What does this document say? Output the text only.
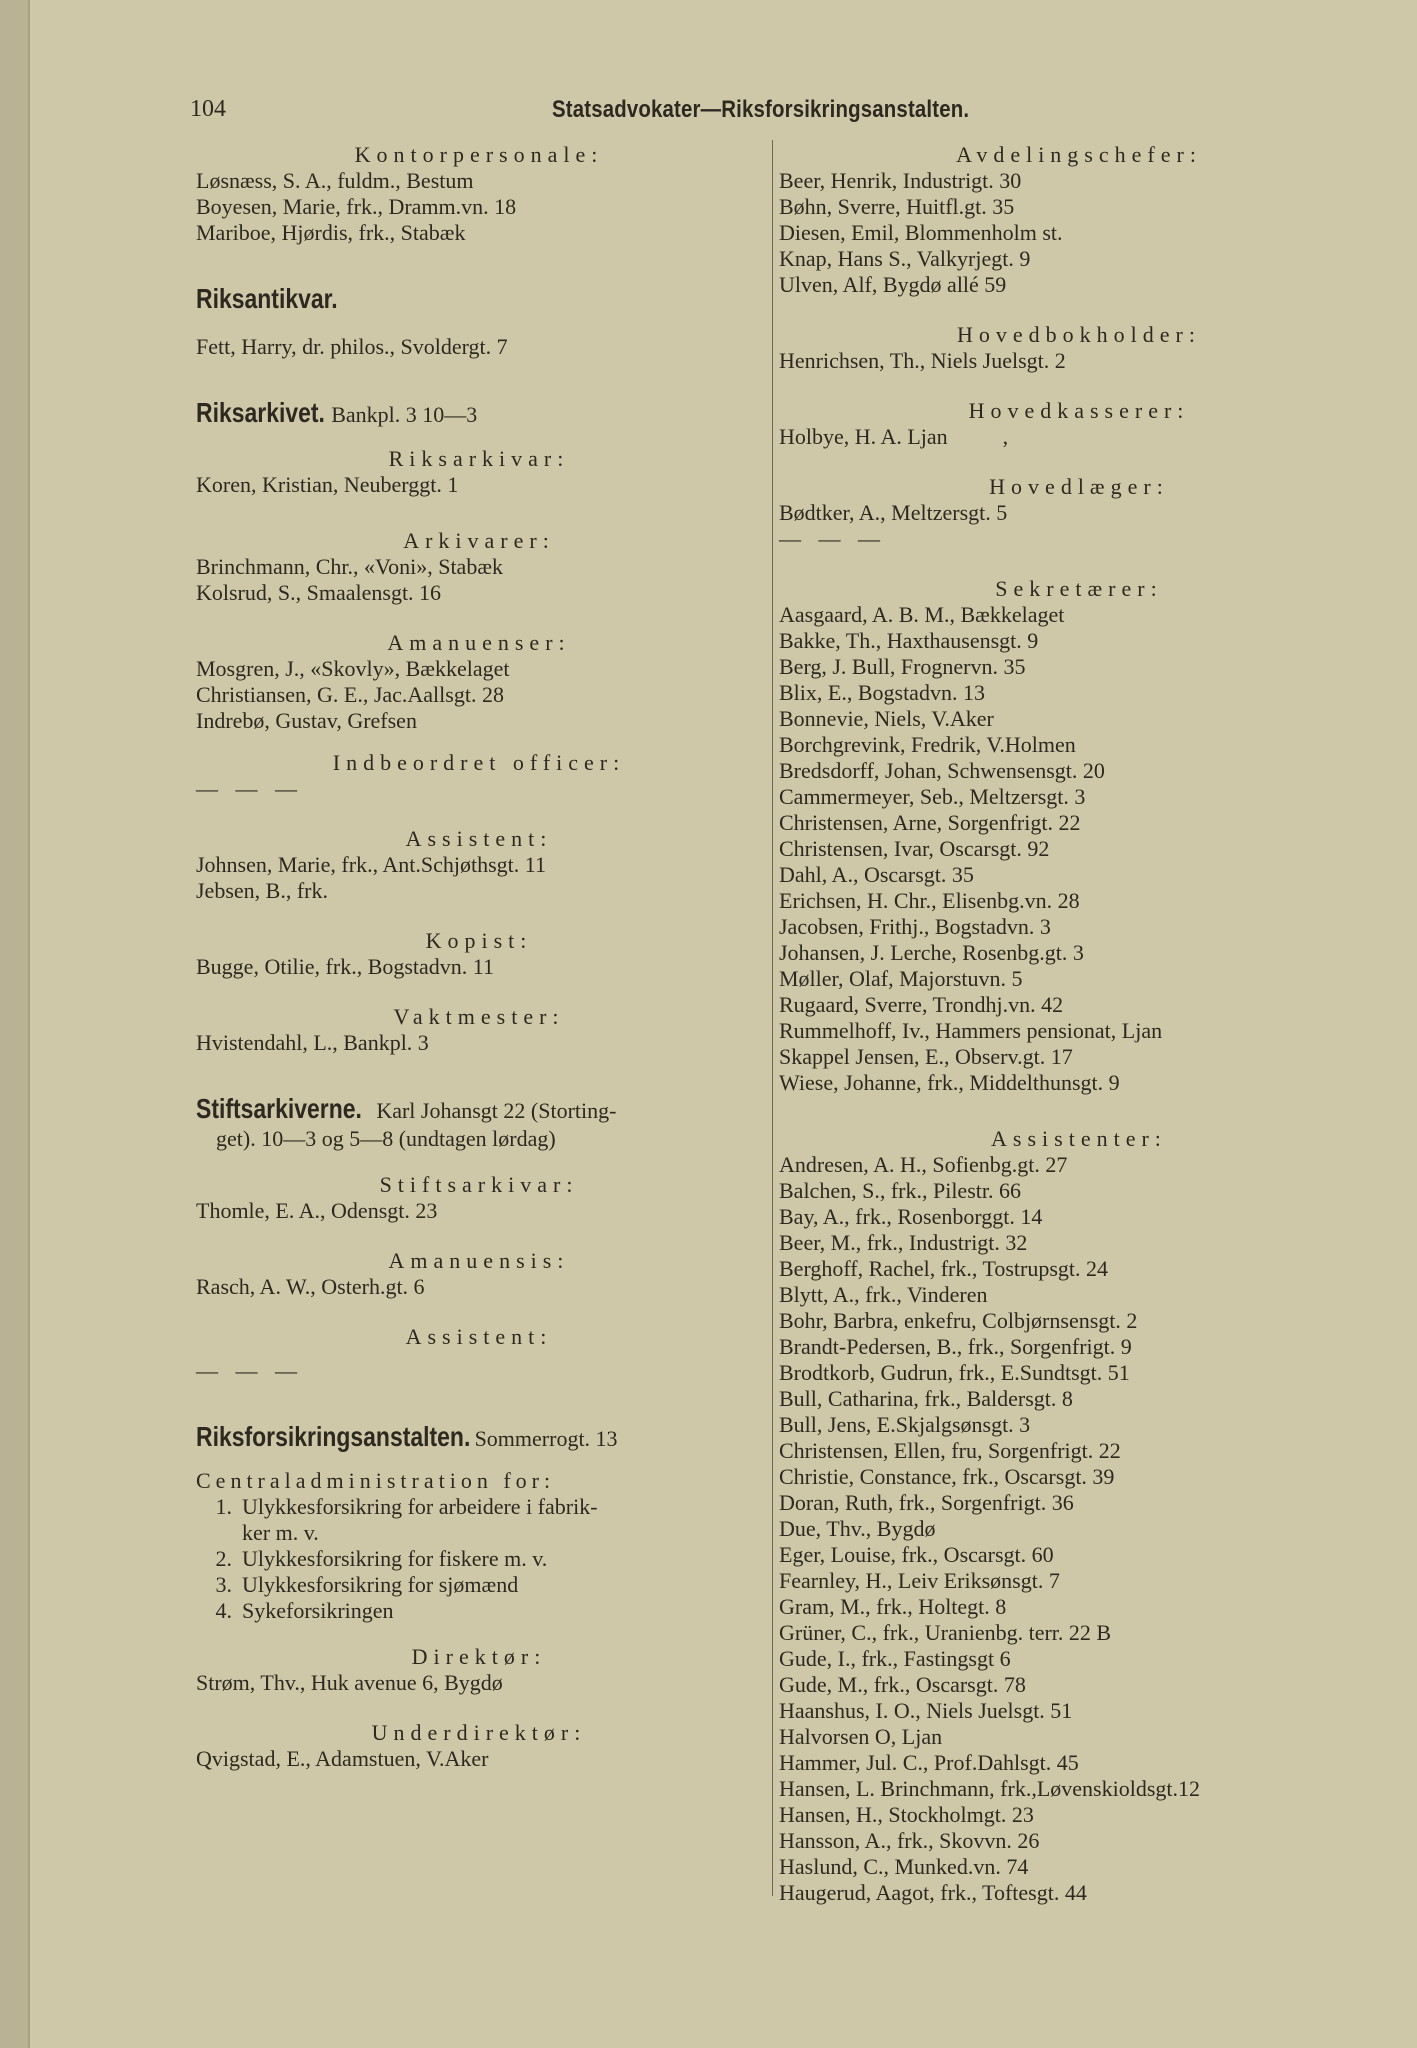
104	Statsadvokater—Riksforsikringsanstalten.
Kontorpersonale:
Løsnæss, S. A., fuldm., Bestum
Boyesen, Marie, frk., Dramm.vn. 18
Mariboe, Hjørdis, frk., Stabæk
Riksantikvar.
Fett, Harry, dr. philos., Svoldergt. 7
Riksarkivet. Bankpl. 3 10—3
Riksarkivar:
Koren, Kristian, Neuberggt. 1
Arkivarer:
Brinchmann, Chr., «Voni», Stabæk
Kolsrud, S., Smaalensgt. 16
Amanuenser:
Mosgren, J., «Skovly», Bækkelaget
Christiansen, G. E., Jac.Aallsgt. 28
Indrebø, Gustav, Grefsen
Indbeordret officer:
— — —
Assistent:
Johnsen, Marie, frk., Ant.Schjøthsgt. 11
Jebsen, B., frk.
Kopist:
Bugge, Otilie, frk., Bogstadvn. 11
Vaktmester:
Hvistendahl, L., Bankpl. 3
Stiftsarkiverne. Karl Johansgt 22 (Storting-
get). 10—3 og 5—8 (undtagen lørdag)
Stiftsarkivar:
Thomle, E. A., Odensgt. 23
Amanuensis:
Rasch, A. W., Osterh.gt. 6
Assistent:
— — —
Riksforsikringsanstalten. Sommerrogt. 13
Centraladministration for:
1. Ulykkesforsikring for arbeidere i fabrik-
ker m. v.
2. Ulykkesforsikring for fiskere m. v.
3. Ulykkesforsikring for sjømænd
4. Sykeforsikringen
Direktør:
Strøm, Thv., Huk avenue 6, Bygdø
Underdirektør:
Qvigstad, E., Adamstuen, V.Aker
Avdelingschefer:
Beer, Henrik, Industrigt. 30
Bøhn, Sverre, Huitfl.gt. 35
Diesen, Emil, Blommenholm st.
Knap, Hans S., Valkyrjegt. 9
Ulven, Alf, Bygdø allé 59
Hovedbokholder:
Henrichsen, Th., Niels Juelsgt. 2
Hovedkasserer:
Holbye, H. A. Ljan          ,
Hovedlæger:
Bødtker, A., Meltzersgt. 5
— — —
Sekretærer:
Aasgaard, A. B. M., Bækkelaget
Bakke, Th., Haxthausensgt. 9
Berg, J. Bull, Frognervn. 35
Blix, E., Bogstadvn. 13
Bonnevie, Niels, V.Aker
Borchgrevink, Fredrik, V.Holmen
Bredsdorff, Johan, Schwensensgt. 20
Cammermeyer, Seb., Meltzersgt. 3
Christensen, Arne, Sorgenfrigt. 22
Christensen, Ivar, Oscarsgt. 92
Dahl, A., Oscarsgt. 35
Erichsen, H. Chr., Elisenbg.vn. 28
Jacobsen, Frithj., Bogstadvn. 3
Johansen, J. Lerche, Rosenbg.gt. 3
Møller, Olaf, Majorstuvn. 5
Rugaard, Sverre, Trondhj.vn. 42
Rummelhoff, Iv., Hammers pensionat, Ljan
Skappel Jensen, E., Observ.gt. 17
Wiese, Johanne, frk., Middelthunsgt. 9
Assistenter:
Andresen, A. H., Sofienbg.gt. 27
Balchen, S., frk., Pilestr. 66
Bay, A., frk., Rosenborggt. 14
Beer, M., frk., Industrigt. 32
Berghoff, Rachel, frk., Tostrupsgt. 24
Blytt, A., frk., Vinderen
Bohr, Barbra, enkefru, Colbjørnsensgt. 2
Brandt-Pedersen, B., frk., Sorgenfrigt. 9
Brodtkorb, Gudrun, frk., E.Sundtsgt. 51
Bull, Catharina, frk., Baldersgt. 8
Bull, Jens, E.Skjalgsønsgt. 3
Christensen, Ellen, fru, Sorgenfrigt. 22
Christie, Constance, frk., Oscarsgt. 39
Doran, Ruth, frk., Sorgenfrigt. 36
Due, Thv., Bygdø
Eger, Louise, frk., Oscarsgt. 60
Fearnley, H., Leiv Eriksønsgt. 7
Gram, M., frk., Holtegt. 8
Grüner, C., frk., Uranienbg. terr. 22 B
Gude, I., frk., Fastingsgt 6
Gude, M., frk., Oscarsgt. 78
Haanshus, I. O., Niels Juelsgt. 51
Halvorsen O, Ljan
Hammer, Jul. C., Prof.Dahlsgt. 45
Hansen, L. Brinchmann, frk.,Løvenskioldsgt.12
Hansen, H., Stockholmgt. 23
Hansson, A., frk., Skovvn. 26
Haslund, C., Munked.vn. 74
Haugerud, Aagot, frk., Toftesgt. 44
